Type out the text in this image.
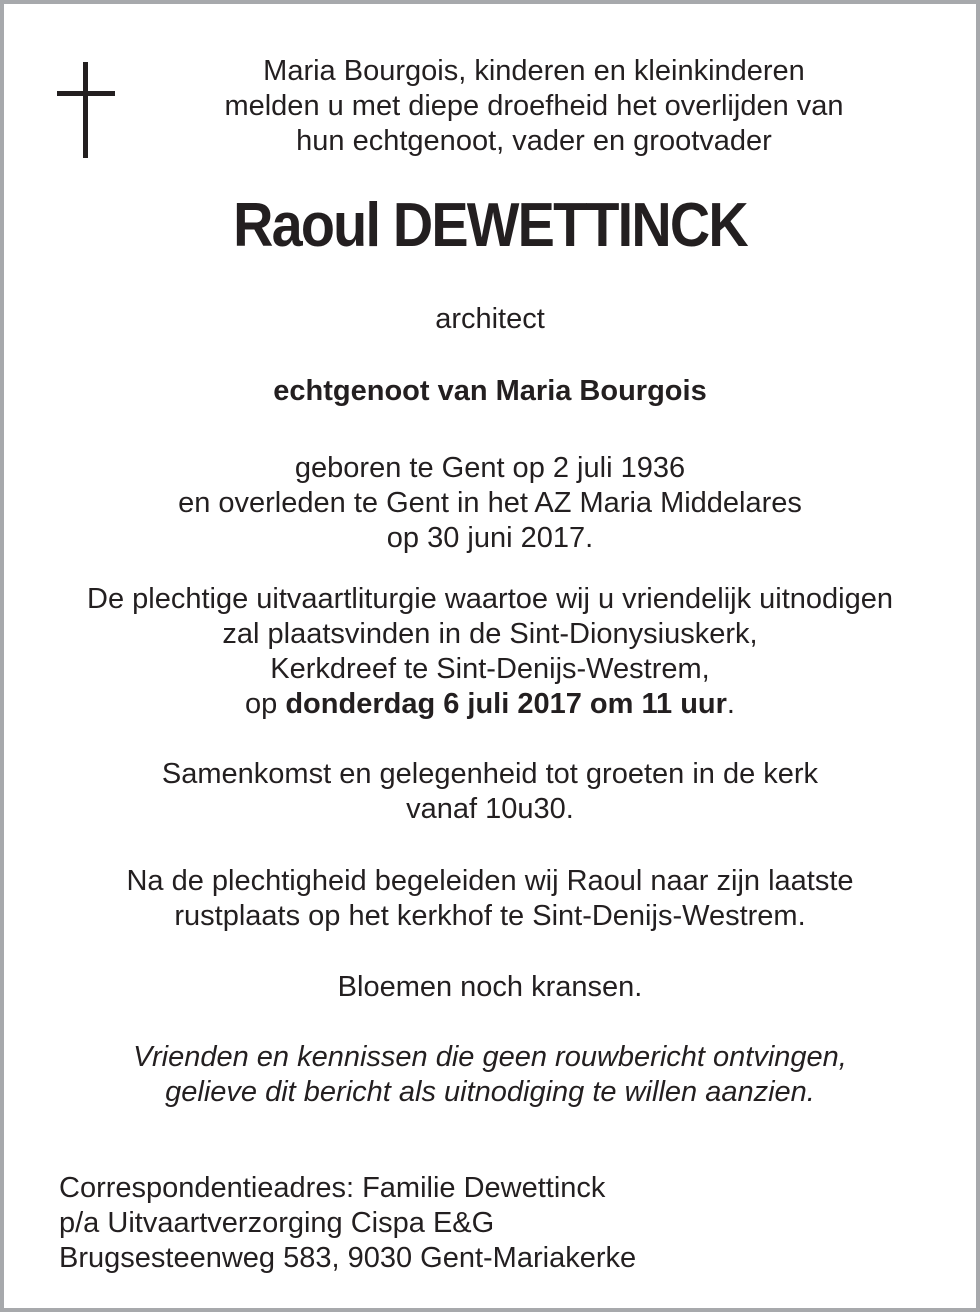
Maria Bourgois, kinderen en kleinkinderen
melden u met diepe droefheid het overlijden van
hun echtgenoot, vader en grootvader
Raoul DEWETTINCK
architect
echtgenoot van Maria Bourgois
geboren te Gent op 2 juli 1936
en overleden te Gent in het AZ Maria Middelares
op 30 juni 2017.
De plechtige uitvaartliturgie waartoe wij u vriendelijk uitnodigen
zal plaatsvinden in de Sint-Dionysiuskerk,
Kerkdreef te Sint-Denijs-Westrem,
op donderdag 6 juli 2017 om 11 uur.
Samenkomst en gelegenheid tot groeten in de kerk
vanaf 10u30.
Na de plechtigheid begeleiden wij Raoul naar zijn laatste
rustplaats op het kerkhof te Sint-Denijs-Westrem.
Bloemen noch kransen.
Vrienden en kennissen die geen rouwbericht ontvingen,
gelieve dit bericht als uitnodiging te willen aanzien.
Correspondentieadres: Familie Dewettinck
p/a Uitvaartverzorging Cispa E&G
Brugsesteenweg 583, 9030 Gent-Mariakerke
